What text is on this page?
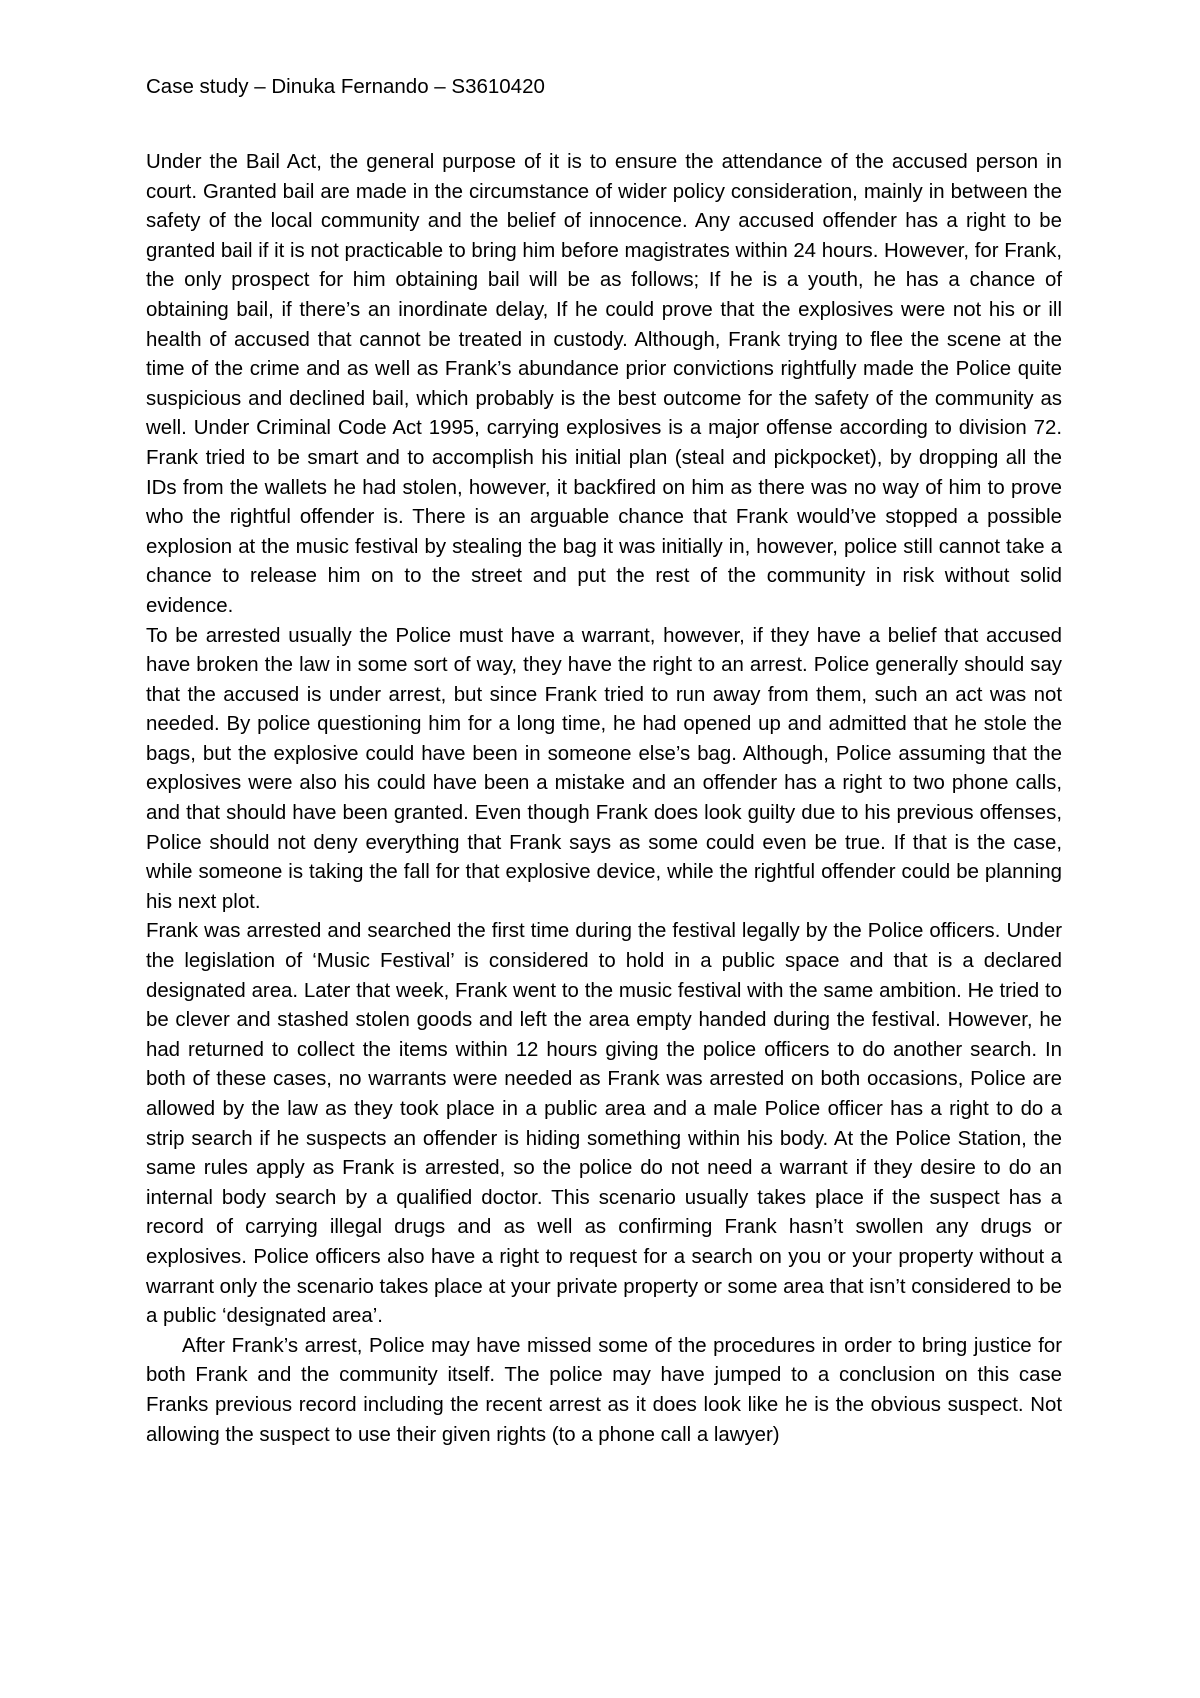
Case study – Dinuka Fernando – S3610420

Under the Bail Act, the general purpose of it is to ensure the attendance of the accused person in court. Granted bail are made in the circumstance of wider policy consideration, mainly in between the safety of the local community and the belief of innocence. Any accused offender has a right to be granted bail if it is not practicable to bring him before magistrates within 24 hours. However, for Frank, the only prospect for him obtaining bail will be as follows; If he is a youth, he has a chance of obtaining bail, if there’s an inordinate delay, If he could prove that the explosives were not his or ill health of accused that cannot be treated in custody. Although, Frank trying to flee the scene at the time of the crime and as well as Frank’s abundance prior convictions rightfully made the Police quite suspicious and declined bail, which probably is the best outcome for the safety of the community as well. Under Criminal Code Act 1995, carrying explosives is a major offense according to division 72. Frank tried to be smart and to accomplish his initial plan (steal and pickpocket), by dropping all the IDs from the wallets he had stolen, however, it backfired on him as there was no way of him to prove who the rightful offender is. There is an arguable chance that Frank would’ve stopped a possible explosion at the music festival by stealing the bag it was initially in, however, police still cannot take a chance to release him on to the street and put the rest of the community in risk without solid evidence.

To be arrested usually the Police must have a warrant, however, if they have a belief that accused have broken the law in some sort of way, they have the right to an arrest. Police generally should say that the accused is under arrest, but since Frank tried to run away from them, such an act was not needed. By police questioning him for a long time, he had opened up and admitted that he stole the bags, but the explosive could have been in someone else’s bag. Although, Police assuming that the explosives were also his could have been a mistake and an offender has a right to two phone calls, and that should have been granted. Even though Frank does look guilty due to his previous offenses, Police should not deny everything that Frank says as some could even be true. If that is the case, while someone is taking the fall for that explosive device, while the rightful offender could be planning his next plot.

Frank was arrested and searched the first time during the festival legally by the Police officers. Under the legislation of ‘Music Festival’ is considered to hold in a public space and that is a declared designated area. Later that week, Frank went to the music festival with the same ambition. He tried to be clever and stashed stolen goods and left the area empty handed during the festival. However, he had returned to collect the items within 12 hours giving the police officers to do another search. In both of these cases, no warrants were needed as Frank was arrested on both occasions, Police are allowed by the law as they took place in a public area and a male Police officer has a right to do a strip search if he suspects an offender is hiding something within his body. At the Police Station, the same rules apply as Frank is arrested, so the police do not need a warrant if they desire to do an internal body search by a qualified doctor. This scenario usually takes place if the suspect has a record of carrying illegal drugs and as well as confirming Frank hasn’t swollen any drugs or explosives. Police officers also have a right to request for a search on you or your property without a warrant only the scenario takes place at your private property or some area that isn’t considered to be a public ‘designated area’.

After Frank’s arrest, Police may have missed some of the procedures in order to bring justice for both Frank and the community itself. The police may have jumped to a conclusion on this case Franks previous record including the recent arrest as it does look like he is the obvious suspect. Not allowing the suspect to use their given rights (to a phone call a lawyer)
